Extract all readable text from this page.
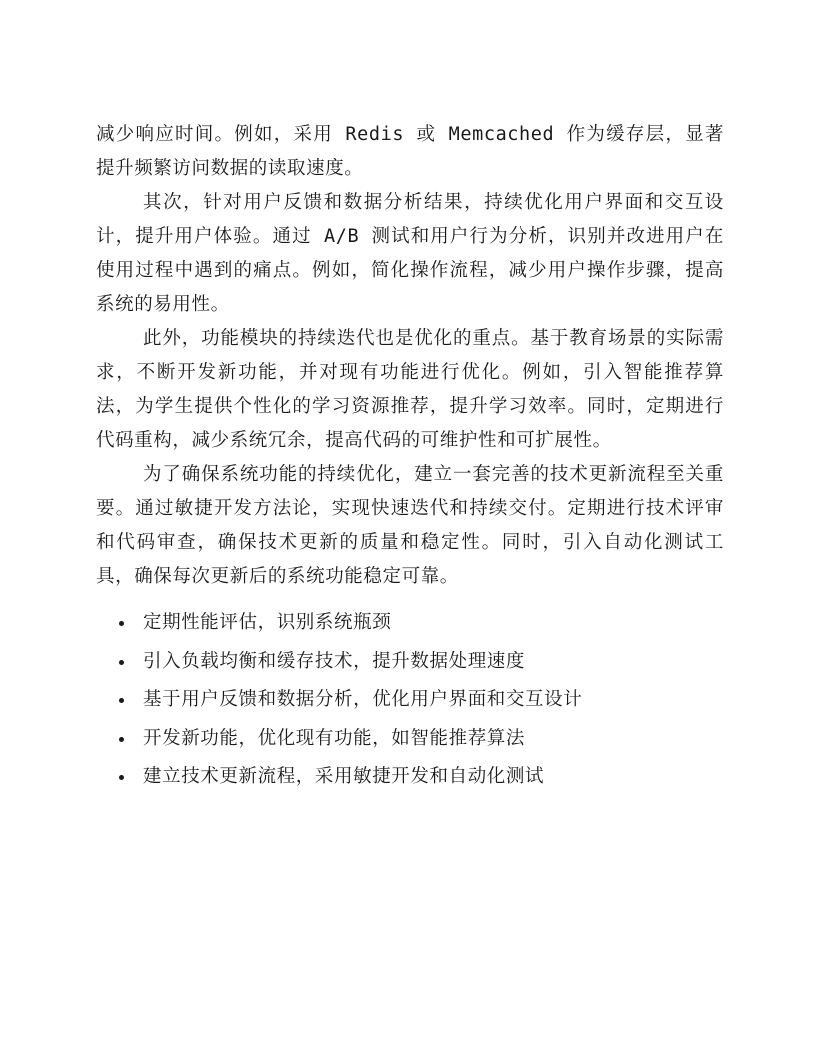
减少响应时间。例如，采用 Redis 或 Memcached 作为缓存层，显著提升频繁访问数据的读取速度。

其次，针对用户反馈和数据分析结果，持续优化用户界面和交互设计，提升用户体验。通过 A/B 测试和用户行为分析，识别并改进用户在使用过程中遇到的痛点。例如，简化操作流程，减少用户操作步骤，提高系统的易用性。

此外，功能模块的持续迭代也是优化的重点。基于教育场景的实际需求，不断开发新功能，并对现有功能进行优化。例如，引入智能推荐算法，为学生提供个性化的学习资源推荐，提升学习效率。同时，定期进行代码重构，减少系统冗余，提高代码的可维护性和可扩展性。

为了确保系统功能的持续优化，建立一套完善的技术更新流程至关重要。通过敏捷开发方法论，实现快速迭代和持续交付。定期进行技术评审和代码审查，确保技术更新的质量和稳定性。同时，引入自动化测试工具，确保每次更新后的系统功能稳定可靠。

定期性能评估，识别系统瓶颈
引入负载均衡和缓存技术，提升数据处理速度
基于用户反馈和数据分析，优化用户界面和交互设计
开发新功能，优化现有功能，如智能推荐算法
建立技术更新流程，采用敏捷开发和自动化测试
